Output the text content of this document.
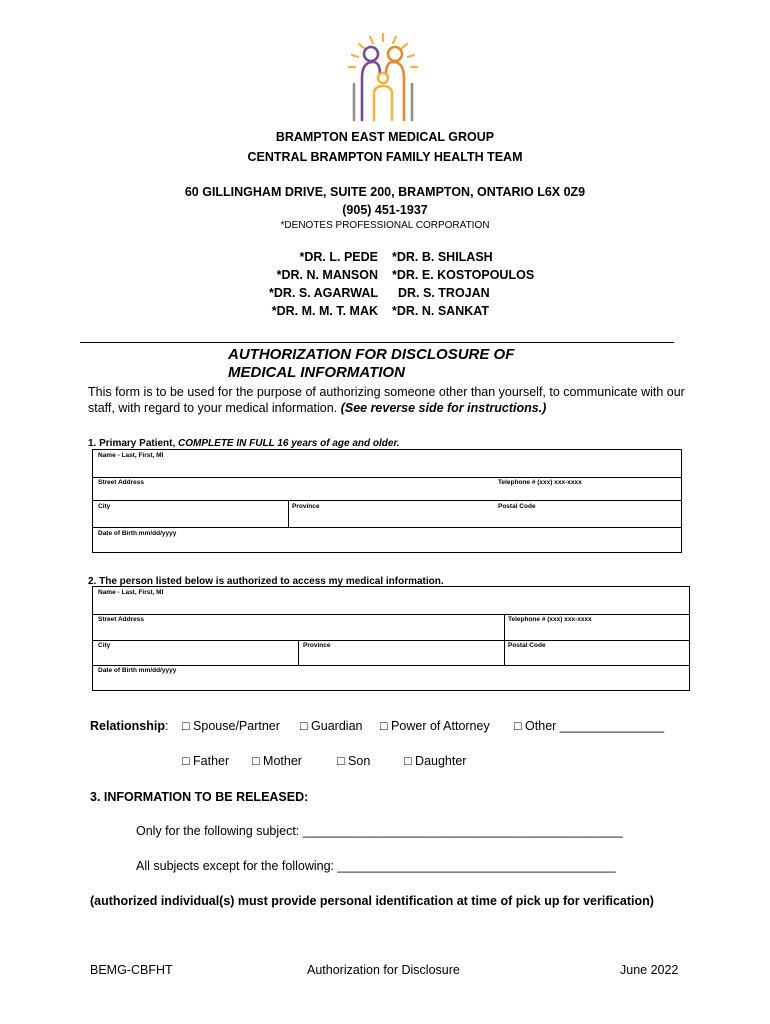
BRAMPTON EAST MEDICAL GROUP
CENTRAL BRAMPTON FAMILY HEALTH TEAM
60 GILLINGHAM DRIVE, SUITE 200, BRAMPTON, ONTARIO L6X 0Z9
(905) 451-1937
*DENOTES PROFESSIONAL CORPORATION
*DR. L. PEDE *DR. B. SHILASH
*DR. N. MANSON *DR. E. KOSTOPOULOS
*DR. S. AGARWAL DR. S. TROJAN
*DR. M. M. T. MAK *DR. N. SANKAT
AUTHORIZATION FOR DISCLOSURE OF
MEDICAL INFORMATION
This form is to be used for the purpose of authorizing someone other than yourself, to communicate with our staff, with regard to your medical information. (See reverse side for instructions.)
1. Primary Patient, COMPLETE IN FULL 16 years of age and older.
Name - Last, First, MI
Street Address	Telephone # (xxx) xxx-xxxx
City	Province	Postal Code
Date of Birth mm/dd/yyyy
2. The person listed below is authorized to access my medical information.
Name - Last, First, MI
Street Address	Telephone # (xxx) xxx-xxxx
City	Province	Postal Code
Date of Birth mm/dd/yyyy
Relationship: □ Spouse/Partner □ Guardian □ Power of Attorney □ Other _______________
□ Father □ Mother	□ Son	□ Daughter
3. INFORMATION TO BE RELEASED:
Only for the following subject: ______________________________________________
All subjects except for the following: ________________________________________
(authorized individual(s) must provide personal identification at time of pick up for verification)
BEMG-CBFHT	Authorization for Disclosure	June 2022
